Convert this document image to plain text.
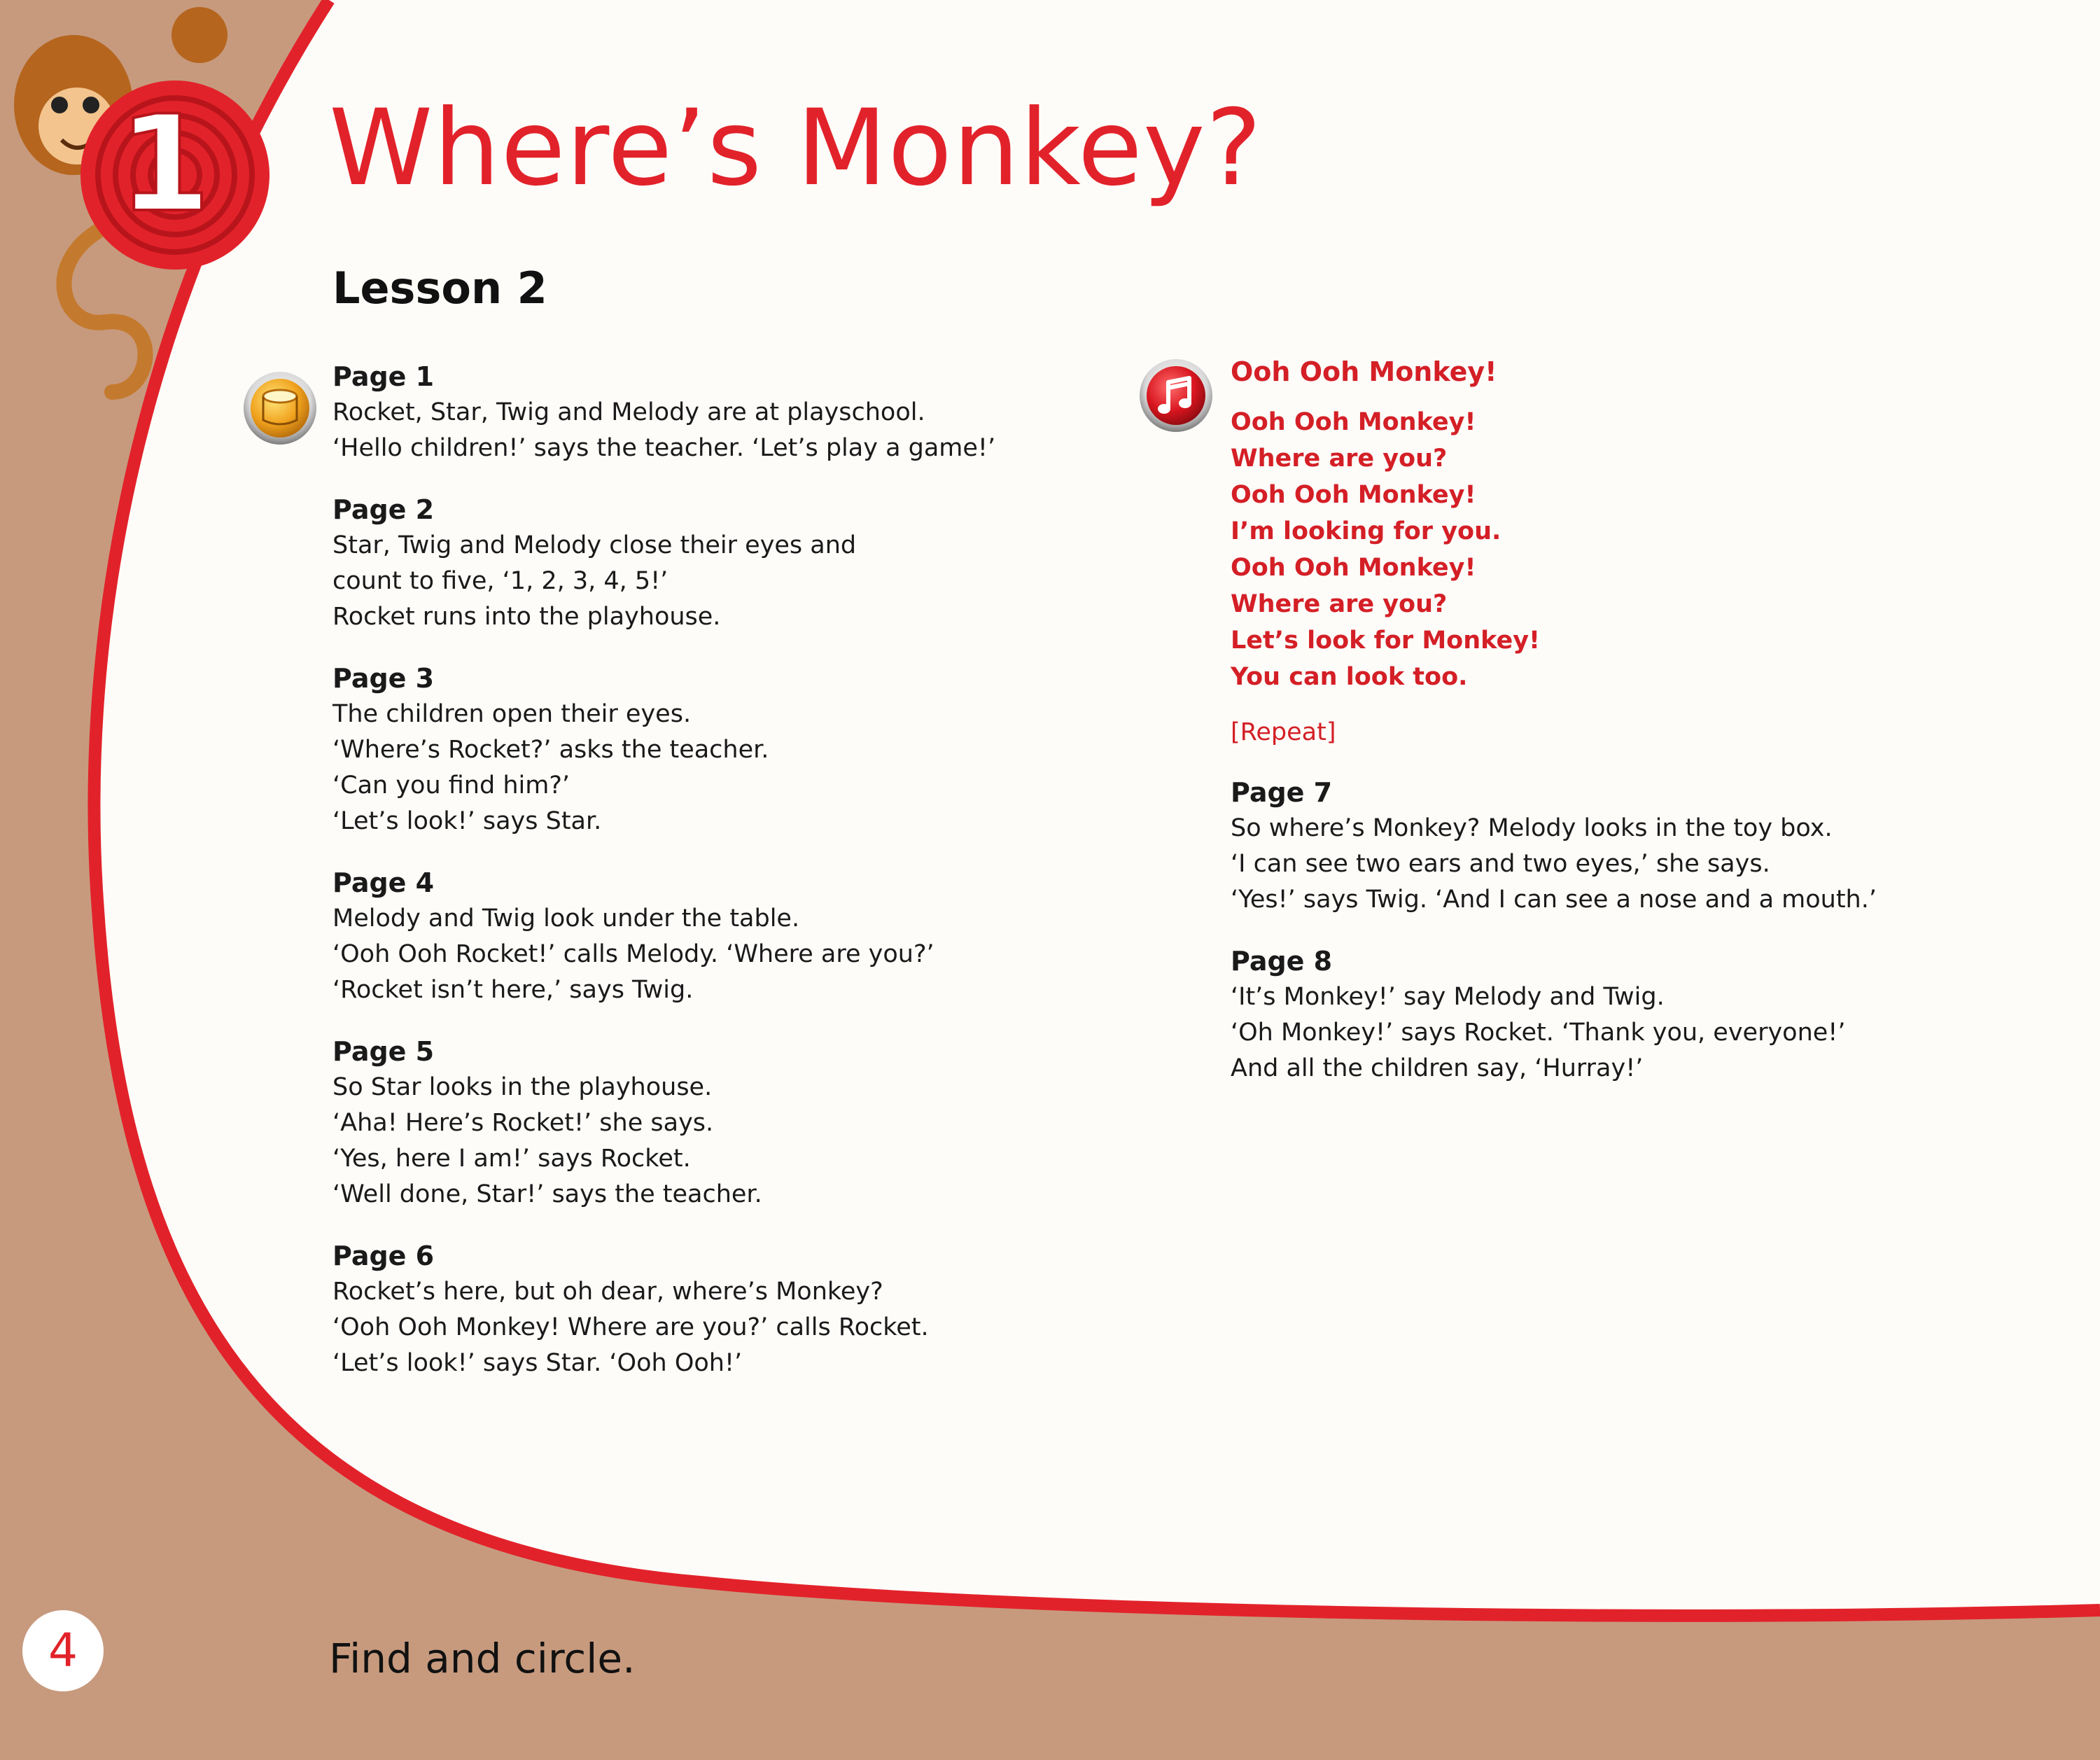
1 Where’s Monkey?
Lesson 2
Page 1
Rocket, Star, Twig and Melody are at playschool.
‘Hello children!’ says the teacher. ‘Let’s play a game!’
Page 2
Star, Twig and Melody close their eyes and
count to five, ‘1, 2, 3, 4, 5!’
Rocket runs into the playhouse.
Page 3
The children open their eyes.
‘Where’s Rocket?’ asks the teacher.
‘Can you find him?’
‘Let’s look!’ says Star.
Page 4
Melody and Twig look under the table.
‘Ooh Ooh Rocket!’ calls Melody. ‘Where are you?’
‘Rocket isn’t here,’ says Twig.
Page 5
So Star looks in the playhouse.
‘Aha! Here’s Rocket!’ she says.
‘Yes, here I am!’ says Rocket.
‘Well done, Star!’ says the teacher.
Page 6
Rocket’s here, but oh dear, where’s Monkey?
‘Ooh Ooh Monkey! Where are you?’ calls Rocket.
‘Let’s look!’ says Star. ‘Ooh Ooh!’
Ooh Ooh Monkey!
Ooh Ooh Monkey!
Where are you?
Ooh Ooh Monkey!
I’m looking for you.
Ooh Ooh Monkey!
Where are you?
Let’s look for Monkey!
You can look too.
[Repeat]
Page 7
So where’s Monkey? Melody looks in the toy box.
‘I can see two ears and two eyes,’ she says.
‘Yes!’ says Twig. ‘And I can see a nose and a mouth.’
Page 8
‘It’s Monkey!’ say Melody and Twig.
‘Oh Monkey!’ says Rocket. ‘Thank you, everyone!’
And all the children say, ‘Hurray!’
4	Find and circle.
